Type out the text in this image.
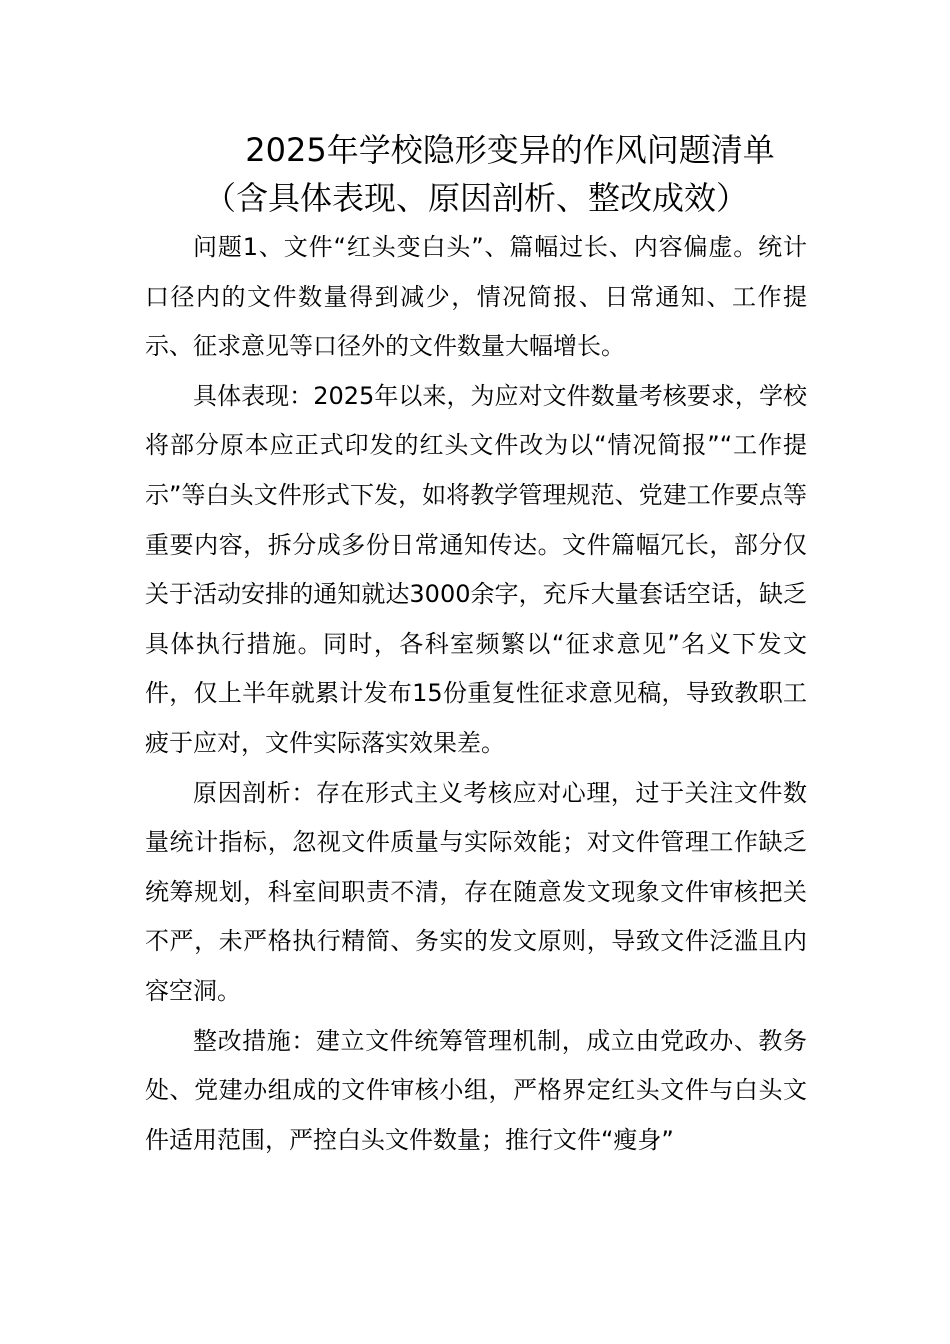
2025年学校隐形变异的作风问题清单
（含具体表现、原因剖析、整改成效）

问题1、文件“红头变白头”、篇幅过长、内容偏虚。统计口径内的文件数量得到减少，情况简报、日常通知、工作提示、征求意见等口径外的文件数量大幅增长。

具体表现：2025年以来，为应对文件数量考核要求，学校将部分原本应正式印发的红头文件改为以“情况简报”“工作提示”等白头文件形式下发，如将教学管理规范、党建工作要点等重要内容，拆分成多份日常通知传达。文件篇幅冗长，部分仅关于活动安排的通知就达3000余字，充斥大量套话空话，缺乏具体执行措施。同时，各科室频繁以“征求意见”名义下发文件，仅上半年就累计发布15份重复性征求意见稿，导致教职工疲于应对，文件实际落实效果差。

原因剖析：存在形式主义考核应对心理，过于关注文件数量统计指标，忽视文件质量与实际效能；对文件管理工作缺乏统筹规划，科室间职责不清，存在随意发文现象文件审核把关不严，未严格执行精简、务实的发文原则，导致文件泛滥且内容空洞。

整改措施：建立文件统筹管理机制，成立由党政办、教务处、党建办组成的文件审核小组，严格界定红头文件与白头文件适用范围，严控白头文件数量；推行文件“瘦身”
